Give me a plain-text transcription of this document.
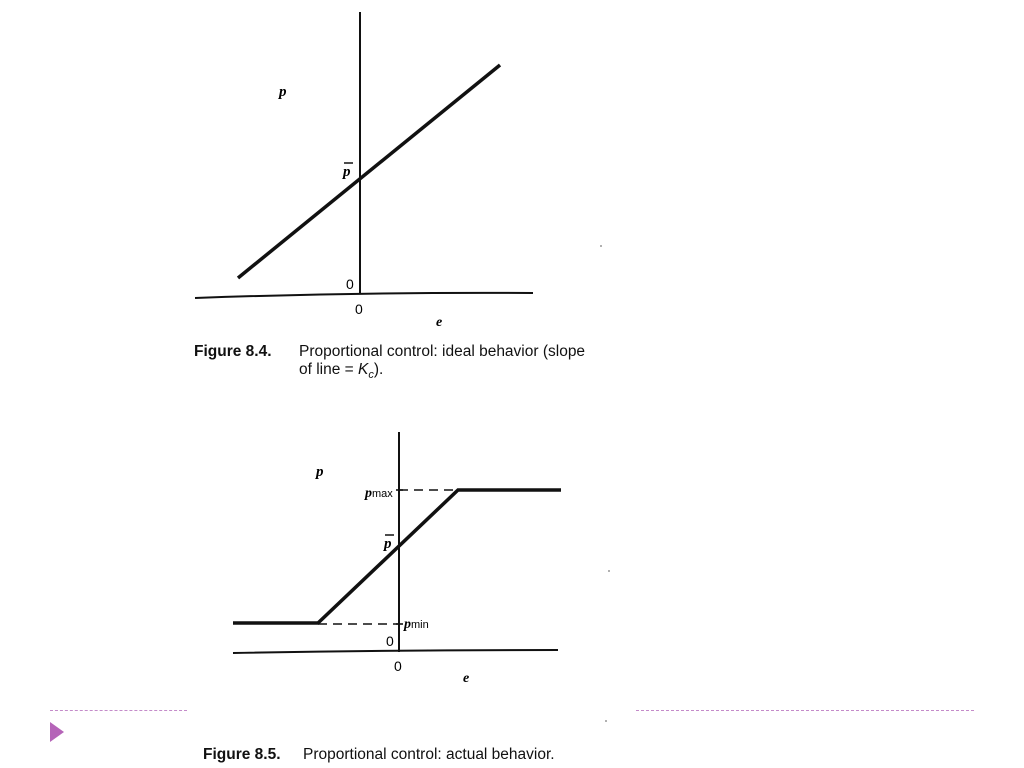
p
p
0
0
e
p
pmax
p
pmin
0
0
e
Figure 8.4. Proportional control: ideal behavior (slope
of line = $K_c$).
Figure 8.5. Proportional control: actual behavior.
